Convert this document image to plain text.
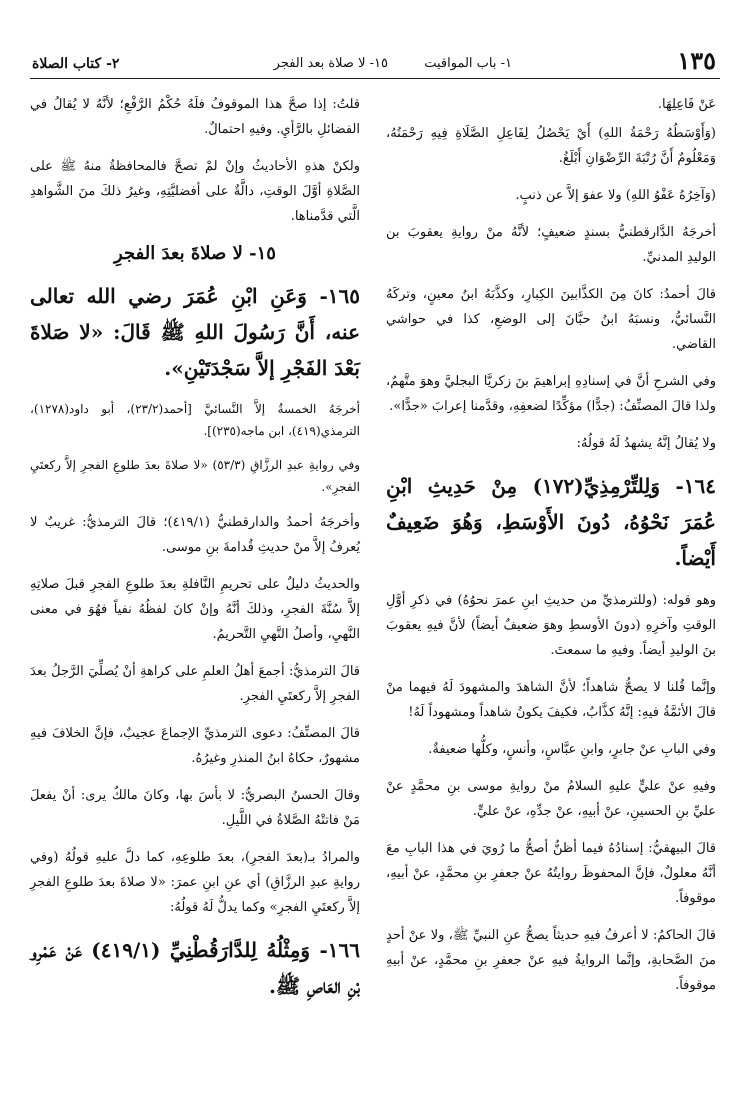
١٣٥
١- باب المواقيت
١٥- لا صلاة بعد الفجر
٢- كتاب الصلاة

عَنْ فَاعِلِهَا.

(وَأَوْسَطُهُ رَحْمَةُ اللهِ) أَيْ يَحْصُلُ لِفَاعِلِ الصَّلَاةِ فِيهِ رَحْمَتُهُ، وَمَعْلُومٌ أَنَّ رُتْبَةَ الرِّضْوَانِ أَبْلَغُ.

(وَآخِرُهُ عَفْوُ اللهِ) ولا عفوَ إلاَّ عن ذنبٍ.

أخرجَهُ الدَّارقطنيُّ بسندٍ ضعيفٍ؛ لأنَّهُ منْ روايةِ يعقوبَ بن الوليدِ المدنيِّ.

قالَ أحمدُ: كانَ مِنَ الكذَّابينَ الكِبارِ، وكذَّبَهُ ابنُ معينٍ، وتركَهُ النَّسائيُّ، ونسبَهُ ابنُ حبَّانَ إلى الوضعِ، كذا في حواشي القاضي.

وفي الشرحِ أنَّ في إسنادِهِ إبراهيمَ بنَ زكريَّا البجليَّ وهوَ متَّهمٌ، ولذا قالَ المصنِّفُ: (جدًّا) مؤكِّدًا لضعفِهِ، وقدَّمنا إعرابَ «جدًّا».

ولا يُقالُ إنَّهُ يشهدُ لَهُ قولُهُ:

١٦٤- وَلِلتِّرْمِذِيِّ(١٧٢) مِنْ حَدِيثِ ابْنِ عُمَرَ نَحْوُهُ، دُونَ الأَوْسَطِ، وَهُوَ ضَعِيفٌ أَيْضاً.

وهو قوله: (وللترمذيِّ من حديثِ ابنِ عمرَ نحوُهُ) في ذكرِ أوَّلِ الوقتِ وآخرِهِ (دونَ الأوسطِ وهوَ ضعيفٌ أيضاً) لأنَّ فيهِ يعقوبَ بنَ الوليدِ أيضاً. وفيهِ ما سمعتَ.

وإنَّما قُلنا لا يصحُّ شاهداً؛ لأنَّ الشاهدَ والمشهودَ لَهُ فيهما منْ قالَ الأئمَّةُ فيهِ: إنَّهُ كذَّابٌ، فكيفَ يكونُ شاهداً ومشهوداً لَهُ!

وفي البابِ عنْ جابرٍ، وابنِ عبَّاسٍ، وأنسٍ، وكلُّها ضعيفةٌ.

وفيهِ عنْ عليٍّ عليهِ السلامُ منْ روايةِ موسى بنِ محمَّدٍ عنْ عليِّ بنِ الحسينِ، عنْ أبيهِ، عنْ جدِّهِ، عنْ عليٍّ.

قالَ البيهقيُّ: إسنادُهُ فيما أظنُّ أصحُّ ما رُويَ في هذا البابِ معَ أنَّهُ معلولٌ، فإنَّ المحفوظَ روايتُهُ عنْ جعفرِ بنِ محمَّدٍ، عنْ أبيهِ، موقوفاً.

قالَ الحاكمُ: لا أعرفُ فيهِ حديثاً يصحُّ عنِ النبيِّ ﷺ، ولا عنْ أحدٍ منَ الصَّحابةِ، وإنَّما الروايةُ فيهِ عنْ جعفرِ بنِ محمَّدٍ، عنْ أبيهِ موقوفاً.

قلتُ: إذا صحَّ هذا الموقوفُ فلَهُ حُكْمُ الرَّفْعِ؛ لأنَّهُ لا يُقالُ في الفضائلِ بالرَّأيِ. وفيهِ احتمالٌ.

ولكنْ هذهِ الأحاديثُ وإنْ لمْ تصحَّ فالمحافظةُ منهُ ﷺ على الصَّلاةِ أوَّلَ الوقتِ، دالَّةٌ على أفضليَّتِهِ، وغيرُ ذلكَ منَ الشَّواهدِ الَّتي قدَّمناها.

١٥- لا صلاةَ بعدَ الفجرِ

١٦٥- وَعَنِ ابْنِ عُمَرَ رضي الله تعالى عنه، أَنَّ رَسُولَ اللهِ ﷺ قَالَ: «لا صَلاةَ بَعْدَ الفَجْرِ إلاَّ سَجْدَتَيْنِ».

أخرجَهُ الخمسةُ إلاَّ النَّسائيَّ [أحمد(٢٣/٢)، أبو داود(١٢٧٨)، الترمذي(٤١٩)، ابن ماجه(٢٣٥)].

وفي روايةِ عبدِ الرزَّاقِ (٥٣/٣) «لا صلاةَ بعدَ طلوعِ الفجرِ إلاَّ ركعتَيِ الفجرِ».

وأخرجَهُ أحمدُ والدارقطنيُّ (٤١٩/١)؛ قالَ الترمذيُّ: غريبٌ لا يُعرفُ إلاَّ منْ حديثِ قُدامةَ بنِ موسى.

والحديثُ دليلٌ على تحريمِ النَّافلةِ بعدَ طلوعِ الفجرِ قبلَ صلاتِهِ إلاَّ سُنَّةَ الفجرِ، وذلكَ أنَّهُ وإنْ كانَ لفظُهُ نفياً فهُوَ في معنى النَّهيِ، وأصلُ النَّهيِ التَّحريمُ.

قالَ الترمذيُّ: أجمعَ أهلُ العلمِ على كراهةِ أنْ يُصلِّيَ الرَّجلُ بعدَ الفجرِ إلاَّ ركعتَيِ الفجرِ.

قالَ المصنِّفُ: دعوى الترمذيِّ الإجماعَ عجيبٌ، فإنَّ الخلافَ فيهِ مشهورٌ، حكاهُ ابنُ المنذرِ وغيرُهُ.

وقالَ الحسنُ البصريُّ: لا بأسَ بها، وكانَ مالكٌ يرى: أنْ يفعلَ مَنْ فاتتْهُ الصَّلاةُ في اللَّيلِ.

والمرادُ بـ(بعدَ الفجرِ)، بعدَ طلوعِهِ، كما دلَّ عليهِ قولُهُ (وفي روايةِ عبدِ الرزَّاقِ) أي عنِ ابنِ عمرَ: «لا صلاةَ بعدَ طلوعِ الفجرِ إلاَّ ركعتَيِ الفجرِ» وكما يدلُّ لَهُ قولُهُ:

١٦٦- وَمِثْلُهُ لِلدَّارَقُطْنِيِّ (٤١٩/١) عَنْ عَمْرِو بْنِ العَاصِ ﷺ.
